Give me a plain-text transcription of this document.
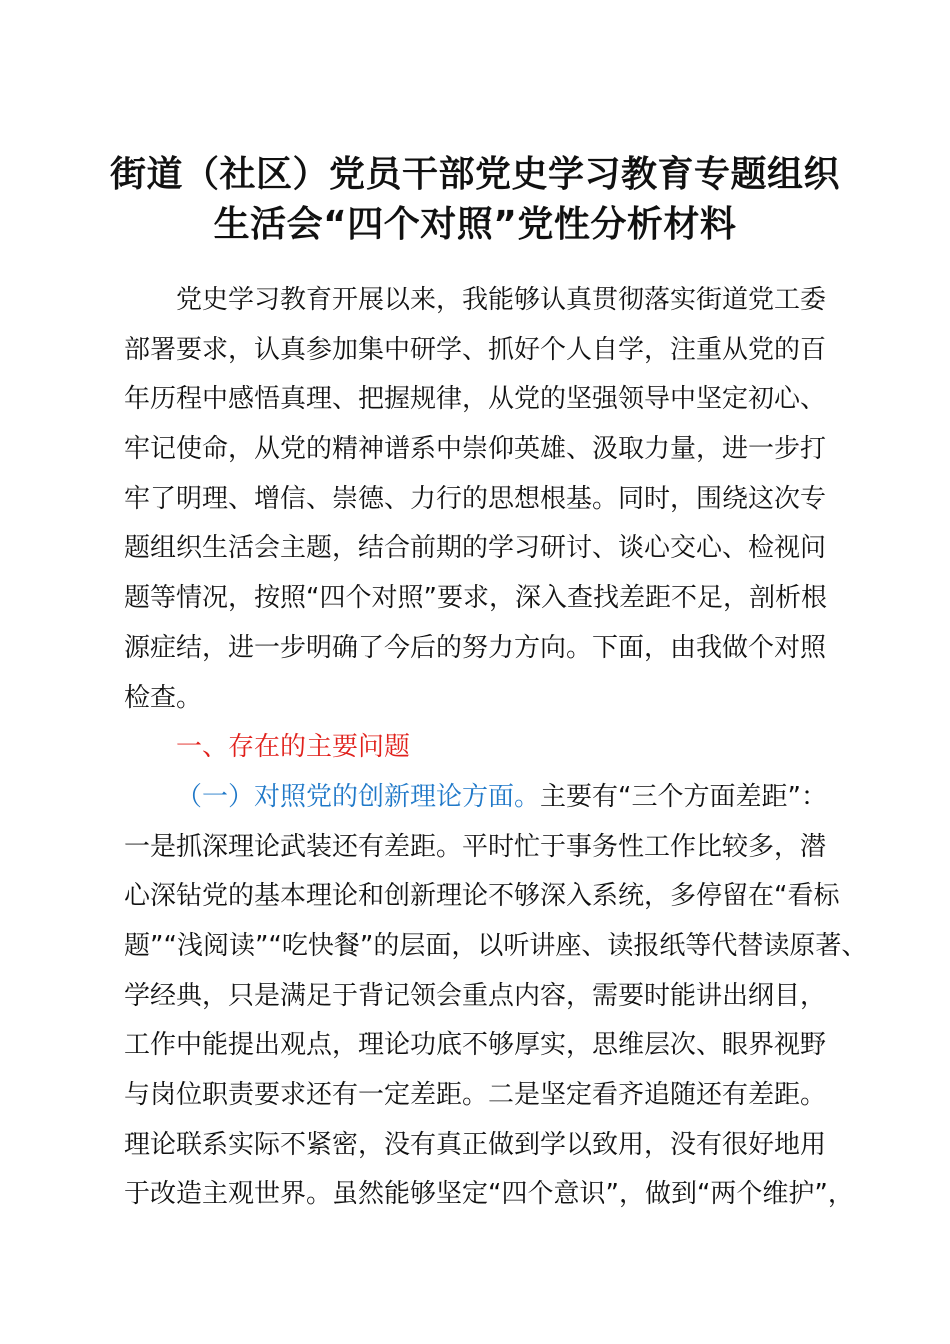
街道（社区）党员干部党史学习教育专题组织
生活会“四个对照”党性分析材料
党史学习教育开展以来，我能够认真贯彻落实街道党工委
部署要求，认真参加集中研学、抓好个人自学，注重从党的百
年历程中感悟真理、把握规律，从党的坚强领导中坚定初心、
牢记使命，从党的精神谱系中崇仰英雄、汲取力量，进一步打
牢了明理、增信、崇德、力行的思想根基。同时，围绕这次专
题组织生活会主题，结合前期的学习研讨、谈心交心、检视问
题等情况，按照“四个对照”要求，深入查找差距不足，剖析根
源症结，进一步明确了今后的努力方向。下面，由我做个对照
检查。
一、存在的主要问题
（一）对照党的创新理论方面。主要有“三个方面差距”：
一是抓深理论武装还有差距。平时忙于事务性工作比较多，潜
心深钻党的基本理论和创新理论不够深入系统，多停留在“看标
题”“浅阅读”“吃快餐”的层面，以听讲座、读报纸等代替读原著、
学经典，只是满足于背记领会重点内容，需要时能讲出纲目，
工作中能提出观点，理论功底不够厚实，思维层次、眼界视野
与岗位职责要求还有一定差距。二是坚定看齐追随还有差距。
理论联系实际不紧密，没有真正做到学以致用，没有很好地用
于改造主观世界。虽然能够坚定“四个意识”，做到“两个维护”，
